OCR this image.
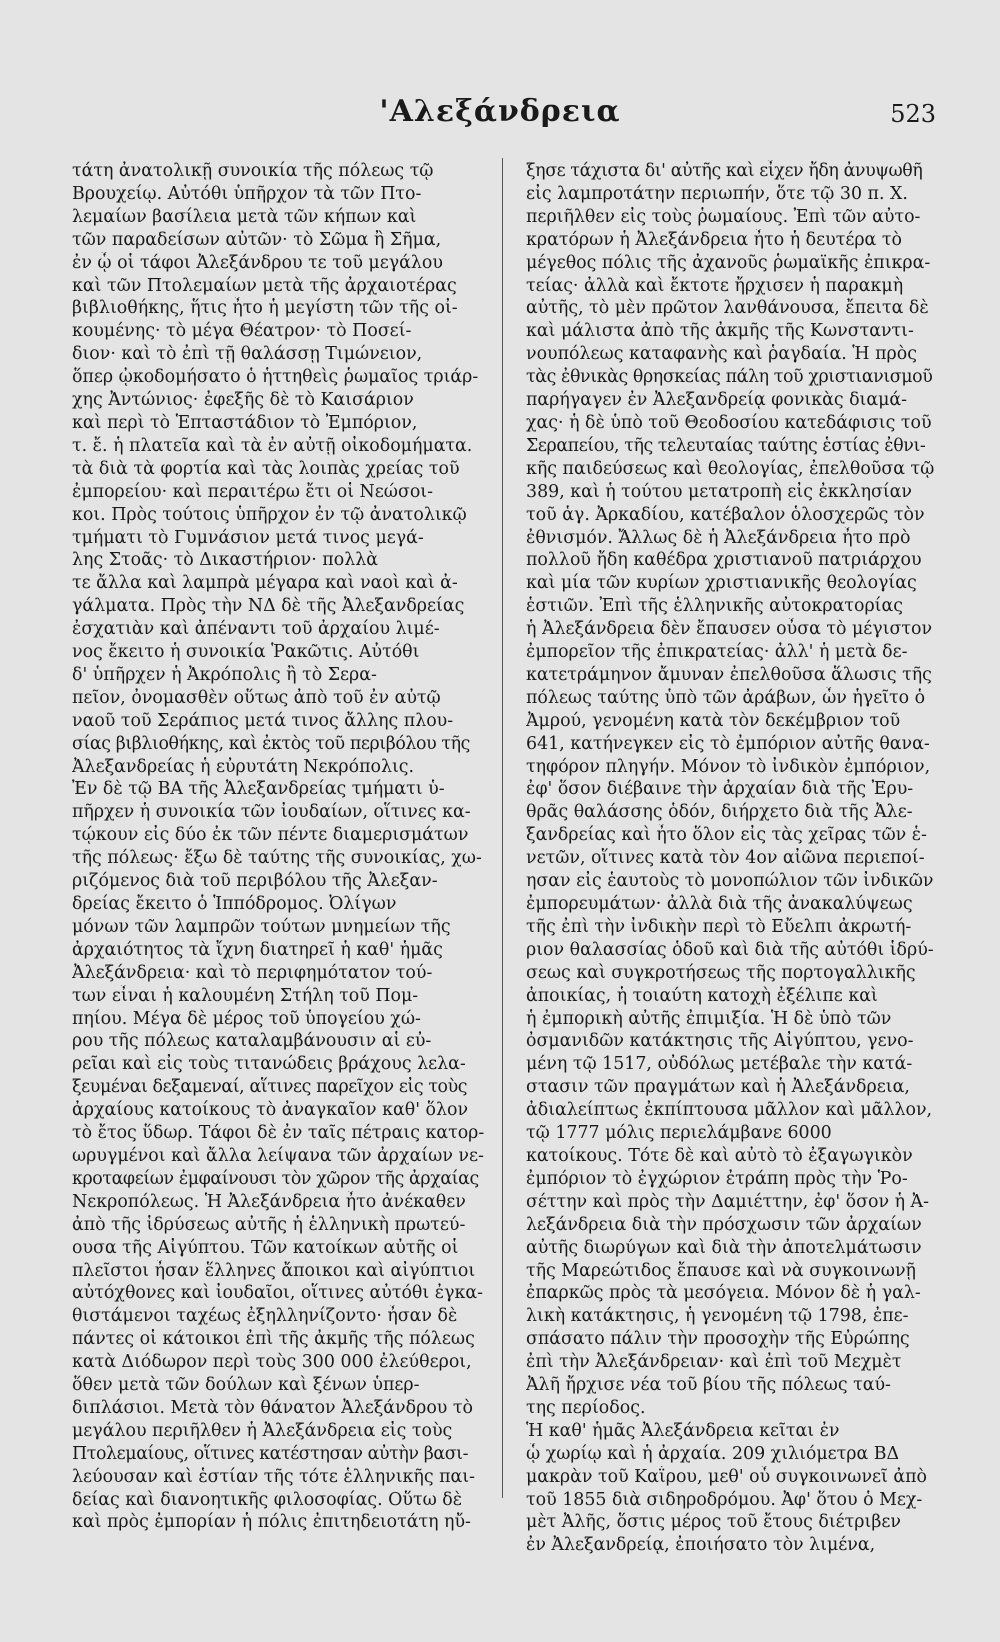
'Αλεξάνδρεια	523
τάτη ἀνατολικῇ συνοικία τῆς πόλεως τῷ
Βρουχείῳ. Αὐτόθι ὑπῆρχον τὰ τῶν Πτο-
λεμαίων βασίλεια μετὰ τῶν κήπων καὶ
τῶν παραδείσων αὐτῶν· τὸ Σῶμα ἢ Σῆμα,
ἐν ᾧ οἱ τάφοι Ἀλεξάνδρου τε τοῦ μεγάλου
καὶ τῶν Πτολεμαίων μετὰ τῆς ἀρχαιοτέρας
βιβλιοθήκης, ἥτις ἦτο ἡ μεγίστη τῶν τῆς οἰ-
κουμένης· τὸ μέγα Θέατρον· τὸ Ποσεί-
διον· καὶ τὸ ἐπὶ τῇ θαλάσσῃ Τιμώνειον,
ὅπερ ᾠκοδομήσατο ὁ ἡττηθεὶς ῥωμαῖος τριάρ-
χης Ἀντώνιος· ἐφεξῆς δὲ τὸ Καισάριον
καὶ περὶ τὸ Ἑπταστάδιον τὸ Ἐμπόριον,
τ. ἔ. ἡ πλατεῖα καὶ τὰ ἐν αὐτῇ οἰκοδομήματα.
τὰ διὰ τὰ φορτία καὶ τὰς λοιπὰς χρείας τοῦ
ἐμπορείου· καὶ περαιτέρω ἔτι οἱ Νεώσοι-
κοι. Πρὸς τούτοις ὑπῆρχον ἐν τῷ ἀνατολικῷ
τμήματι τὸ Γυμνάσιον μετά τινος μεγά-
λης Στοᾶς· τὸ Δικαστήριον· πολλὰ
τε ἄλλα καὶ λαμπρὰ μέγαρα καὶ ναοὶ καὶ ἀ-
γάλματα. Πρὸς τὴν ΝΔ δὲ τῆς Ἀλεξανδρείας
ἐσχατιὰν καὶ ἀπέναντι τοῦ ἀρχαίου λιμέ-
νος ἔκειτο ἡ συνοικία Ῥακῶτις. Αὐτόθι
δ' ὑπῆρχεν ἡ Ἀκρόπολις ἢ τὸ Σερα-
πεῖον, ὀνομασθὲν οὕτως ἀπὸ τοῦ ἐν αὐτῷ
ναοῦ τοῦ Σεράπιος μετά τινος ἄλλης πλου-
σίας βιβλιοθήκης, καὶ ἐκτὸς τοῦ περιβόλου τῆς
Ἀλεξανδρείας ἡ εὐρυτάτη Νεκρόπολις.
Ἐν δὲ τῷ ΒΑ τῆς Ἀλεξανδρείας τμήματι ὑ-
πῆρχεν ἡ συνοικία τῶν ἰουδαίων, οἵτινες κα-
τῴκουν εἰς δύο ἐκ τῶν πέντε διαμερισμάτων
τῆς πόλεως· ἔξω δὲ ταύτης τῆς συνοικίας, χω-
ριζόμενος διὰ τοῦ περιβόλου τῆς Ἀλεξαν-
δρείας ἔκειτο ὁ Ἱππόδρομος. Ὀλίγων
μόνων τῶν λαμπρῶν τούτων μνημείων τῆς
ἀρχαιότητος τὰ ἴχνη διατηρεῖ ἡ καθ' ἡμᾶς
Ἀλεξάνδρεια· καὶ τὸ περιφημότατον τού-
των εἶναι ἡ καλουμένη Στήλη τοῦ Πομ-
πηίου. Μέγα δὲ μέρος τοῦ ὑπογείου χώ-
ρου τῆς πόλεως καταλαμβάνουσιν αἱ εὐ-
ρεῖαι καὶ εἰς τοὺς τιτανώδεις βράχους λελα-
ξευμέναι δεξαμεναί, αἵτινες παρεῖχον εἰς τοὺς
ἀρχαίους κατοίκους τὸ ἀναγκαῖον καθ' ὅλον
τὸ ἔτος ὕδωρ. Τάφοι δὲ ἐν ταῖς πέτραις κατορ-
ωρυγμένοι καὶ ἄλλα λείψανα τῶν ἀρχαίων νε-
κροταφείων ἐμφαίνουσι τὸν χῶρον τῆς ἀρχαίας
Νεκροπόλεως. Ἡ Ἀλεξάνδρεια ἦτο ἀνέκαθεν
ἀπὸ τῆς ἱδρύσεως αὐτῆς ἡ ἑλληνικὴ πρωτεύ-
ουσα τῆς Αἰγύπτου. Τῶν κατοίκων αὐτῆς οἱ
πλεῖστοι ἦσαν ἕλληνες ἄποικοι καὶ αἰγύπτιοι
αὐτόχθονες καὶ ἰουδαῖοι, οἵτινες αὐτόθι ἐγκα-
θιστάμενοι ταχέως ἐξηλληνίζοντο· ἦσαν δὲ
πάντες οἱ κάτοικοι ἐπὶ τῆς ἀκμῆς τῆς πόλεως
κατὰ Διόδωρον περὶ τοὺς 300 000 ἐλεύθεροι,
ὅθεν μετὰ τῶν δούλων καὶ ξένων ὑπερ-
διπλάσιοι. Μετὰ τὸν θάνατον Ἀλεξάνδρου τὸ
μεγάλου περιῆλθεν ἡ Ἀλεξάνδρεια εἰς τοὺς
Πτολεμαίους, οἵτινες κατέστησαν αὐτὴν βασι-
λεύουσαν καὶ ἑστίαν τῆς τότε ἑλληνικῆς παι-
δείας καὶ διανοητικῆς φιλοσοφίας. Οὕτω δὲ
καὶ πρὸς ἐμπορίαν ἡ πόλις ἐπιτηδειοτάτη ηὔ-
ξησε τάχιστα δι' αὐτῆς καὶ εἶχεν ἤδη ἀνυψωθῆ
εἰς λαμπροτάτην περιωπήν, ὅτε τῷ 30 π. Χ.
περιῆλθεν εἰς τοὺς ῥωμαίους. Ἐπὶ τῶν αὐτο-
κρατόρων ἡ Ἀλεξάνδρεια ἦτο ἡ δευτέρα τὸ
μέγεθος πόλις τῆς ἀχανοῦς ῥωμαϊκῆς ἐπικρα-
τείας· ἀλλὰ καὶ ἔκτοτε ἤρχισεν ἡ παρακμὴ
αὐτῆς, τὸ μὲν πρῶτον λανθάνουσα, ἔπειτα δὲ
καὶ μάλιστα ἀπὸ τῆς ἀκμῆς τῆς Κωνσταντι-
νουπόλεως καταφανὴς καὶ ῥαγδαία. Ἡ πρὸς
τὰς ἐθνικὰς θρησκείας πάλη τοῦ χριστιανισμοῦ
παρήγαγεν ἐν Ἀλεξανδρείᾳ φονικὰς διαμά-
χας· ἡ δὲ ὑπὸ τοῦ Θεοδοσίου κατεδάφισις τοῦ
Σεραπείου, τῆς τελευταίας ταύτης ἑστίας ἐθνι-
κῆς παιδεύσεως καὶ θεολογίας, ἐπελθοῦσα τῷ
389, καὶ ἡ τούτου μετατροπὴ εἰς ἐκκλησίαν
τοῦ ἁγ. Ἀρκαδίου, κατέβαλον ὁλοσχερῶς τὸν
ἐθνισμόν. Ἄλλως δὲ ἡ Ἀλεξάνδρεια ἦτο πρὸ
πολλοῦ ἤδη καθέδρα χριστιανοῦ πατριάρχου
καὶ μία τῶν κυρίων χριστιανικῆς θεολογίας
ἑστιῶν. Ἐπὶ τῆς ἑλληνικῆς αὐτοκρατορίας
ἡ Ἀλεξάνδρεια δὲν ἔπαυσεν οὖσα τὸ μέγιστον
ἐμπορεῖον τῆς ἐπικρατείας· ἀλλ' ἡ μετὰ δε-
κατετράμηνον ἄμυναν ἐπελθοῦσα ἅλωσις τῆς
πόλεως ταύτης ὑπὸ τῶν ἀράβων, ὧν ἡγεῖτο ὁ
Ἀμρού, γενομένη κατὰ τὸν δεκέμβριον τοῦ
641, κατήνεγκεν εἰς τὸ ἐμπόριον αὐτῆς θανα-
τηφόρον πληγήν. Μόνον τὸ ἰνδικὸν ἐμπόριον,
ἐφ' ὅσον διέβαινε τὴν ἀρχαίαν διὰ τῆς Ἐρυ-
θρᾶς θαλάσσης ὁδόν, διήρχετο διὰ τῆς Ἀλε-
ξανδρείας καὶ ἦτο ὅλον εἰς τὰς χεῖρας τῶν ἑ-
νετῶν, οἵτινες κατὰ τὸν 4ον αἰῶνα περιεποί-
ησαν εἰς ἑαυτοὺς τὸ μονοπώλιον τῶν ἰνδικῶν
ἐμπορευμάτων· ἀλλὰ διὰ τῆς ἀνακαλύψεως
τῆς ἐπὶ τὴν ἰνδικὴν περὶ τὸ Εὔελπι ἀκρωτή-
ριον θαλασσίας ὁδοῦ καὶ διὰ τῆς αὐτόθι ἱδρύ-
σεως καὶ συγκροτήσεως τῆς πορτογαλλικῆς
ἀποικίας, ἡ τοιαύτη κατοχὴ ἐξέλιπε καὶ
ἡ ἐμπορικὴ αὐτῆς ἐπιμιξία. Ἡ δὲ ὑπὸ τῶν
ὀσμανιδῶν κατάκτησις τῆς Αἰγύπτου, γενο-
μένη τῷ 1517, οὐδόλως μετέβαλε τὴν κατά-
στασιν τῶν πραγμάτων καὶ ἡ Ἀλεξάνδρεια,
ἀδιαλείπτως ἐκπίπτουσα μᾶλλον καὶ μᾶλλον,
τῷ 1777 μόλις περιελάμβανε 6000
κατοίκους. Τότε δὲ καὶ αὐτὸ τὸ ἐξαγωγικὸν
ἐμπόριον τὸ ἐγχώριον ἐτράπη πρὸς τὴν Ῥο-
σέττην καὶ πρὸς τὴν Δαμιέττην, ἐφ' ὅσον ἡ Ἀ-
λεξάνδρεια διὰ τὴν πρόσχωσιν τῶν ἀρχαίων
αὐτῆς διωρύγων καὶ διὰ τὴν ἀποτελμάτωσιν
τῆς Μαρεώτιδος ἔπαυσε καὶ νὰ συγκοινωνῇ
ἐπαρκῶς πρὸς τὰ μεσόγεια. Μόνον δὲ ἡ γαλ-
λικὴ κατάκτησις, ἡ γενομένη τῷ 1798, ἐπε-
σπάσατο πάλιν τὴν προσοχὴν τῆς Εὐρώπης
ἐπὶ τὴν Ἀλεξάνδρειαν· καὶ ἐπὶ τοῦ Μεχμὲτ
Ἀλῆ ἤρχισε νέα τοῦ βίου τῆς πόλεως ταύ-
της περίοδος.
Ἡ καθ' ἡμᾶς Ἀλεξάνδρεια κεῖται ἐν
ᾧ χωρίῳ καὶ ἡ ἀρχαία. 209 χιλιόμετρα ΒΔ
μακρὰν τοῦ Καΐρου, μεθ' οὗ συγκοινωνεῖ ἀπὸ
τοῦ 1855 διὰ σιδηροδρόμου. Ἀφ' ὅτου ὁ Μεχ-
μὲτ Ἀλῆς, ὅστις μέρος τοῦ ἔτους διέτριβεν
ἐν Ἀλεξανδρείᾳ, ἐποιήσατο τὸν λιμένα,
